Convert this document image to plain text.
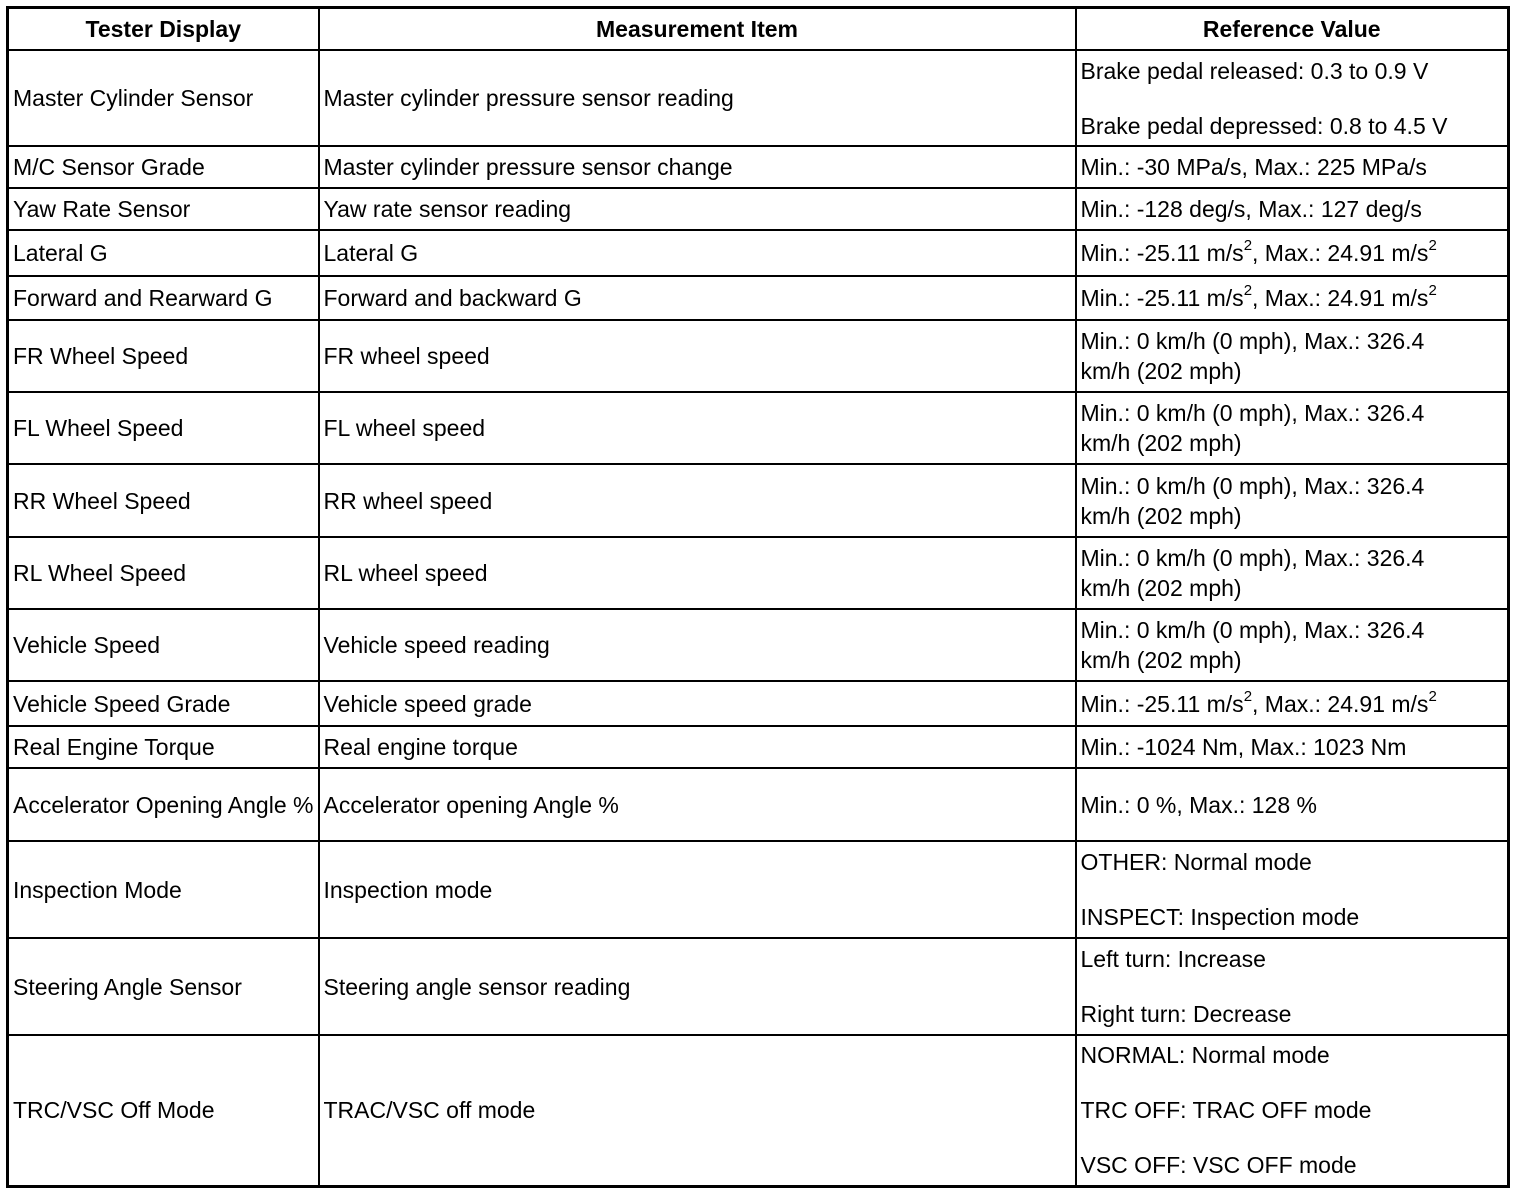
Tester Display	Measurement Item	Reference Value
Master Cylinder Sensor	Master cylinder pressure sensor reading	Brake pedal released: 0.3 to 0.9 V
Brake pedal depressed: 0.8 to 4.5 V

M/C Sensor Grade	Master cylinder pressure sensor change	Min.: -30 MPa/s, Max.: 225 MPa/s

Yaw Rate Sensor	Yaw rate sensor reading	Min.: -128 deg/s, Max.: 127 deg/s

Lateral G	Lateral G	Min.: -25.11 $m/s^2$, Max.: 24.91 $m/s^2$

Forward and Rearward G	Forward and backward G	Min.: -25.11 $m/s^2$, Max.: 24.91 $m/s^2$

FR Wheel Speed	FR wheel speed	Min.: 0 km/h (0 mph), Max.: 326.4
km/h (202 mph)

FL Wheel Speed	FL wheel speed	Min.: 0 km/h (0 mph), Max.: 326.4
km/h (202 mph)

RR Wheel Speed	RR wheel speed	Min.: 0 km/h (0 mph), Max.: 326.4
km/h (202 mph)

RL Wheel Speed	RL wheel speed	Min.: 0 km/h (0 mph), Max.: 326.4
km/h (202 mph)

Vehicle Speed	Vehicle speed reading	Min.: 0 km/h (0 mph), Max.: 326.4
km/h (202 mph)

Vehicle Speed Grade	Vehicle speed grade	Min.: -25.11 $m/s^2$, Max.: 24.91 $m/s^2$

Real Engine Torque	Real engine torque	Min.: -1024 Nm, Max.: 1023 Nm

Accelerator Opening Angle %	Accelerator opening Angle %	Min.: 0 %, Max.: 128 %

Inspection Mode	Inspection mode	OTHER: Normal mode
INSPECT: Inspection mode

Steering Angle Sensor	Steering angle sensor reading	Left turn: Increase
Right turn: Decrease

TRC/VSC Off Mode	TRAC/VSC off mode	NORMAL: Normal mode
TRC OFF: TRAC OFF mode
VSC OFF: VSC OFF mode
